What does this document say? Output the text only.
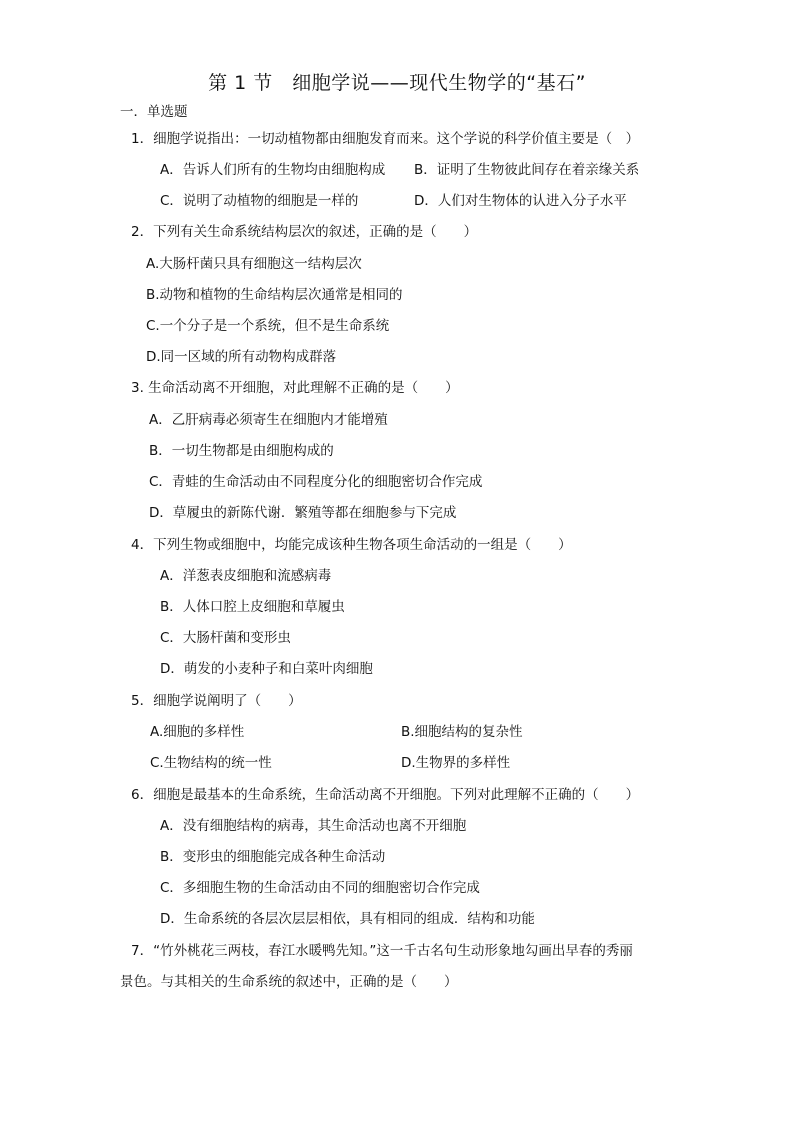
第 1 节　细胞学说——现代生物学的“基石”
一．单选题
1．细胞学说指出：一切动植物都由细胞发育而来。这个学说的科学价值主要是（　）
A．告诉人们所有的生物均由细胞构成 B．证明了生物彼此间存在着亲缘关系
C．说明了动植物的细胞是一样的	D．人们对生物体的认进入分子水平
2．下列有关生命系统结构层次的叙述，正确的是（　　）
A.大肠杆菌只具有细胞这一结构层次
B.动物和植物的生命结构层次通常是相同的
C.一个分子是一个系统，但不是生命系统
D.同一区域的所有动物构成群落
3. 生命活动离不开细胞，对此理解不正确的是（　　）
A．乙肝病毒必须寄生在细胞内才能增殖
B．一切生物都是由细胞构成的
C．青蛙的生命活动由不同程度分化的细胞密切合作完成
D．草履虫的新陈代谢．繁殖等都在细胞参与下完成
4．下列生物或细胞中，均能完成该种生物各项生命活动的一组是（　　）
A．洋葱表皮细胞和流感病毒
B．人体口腔上皮细胞和草履虫
C．大肠杆菌和变形虫
D．萌发的小麦种子和白菜叶肉细胞
5．细胞学说阐明了（　　）
A.细胞的多样性	B.细胞结构的复杂性
C.生物结构的统一性	D.生物界的多样性
6．细胞是最基本的生命系统，生命活动离不开细胞。下列对此理解不正确的（　　）
A．没有细胞结构的病毒，其生命活动也离不开细胞
B．变形虫的细胞能完成各种生命活动
C．多细胞生物的生命活动由不同的细胞密切合作完成
D．生命系统的各层次层层相依，具有相同的组成．结构和功能
7．“竹外桃花三两枝，春江水暖鸭先知。”这一千古名句生动形象地勾画出早春的秀丽
景色。与其相关的生命系统的叙述中，正确的是（　　）
